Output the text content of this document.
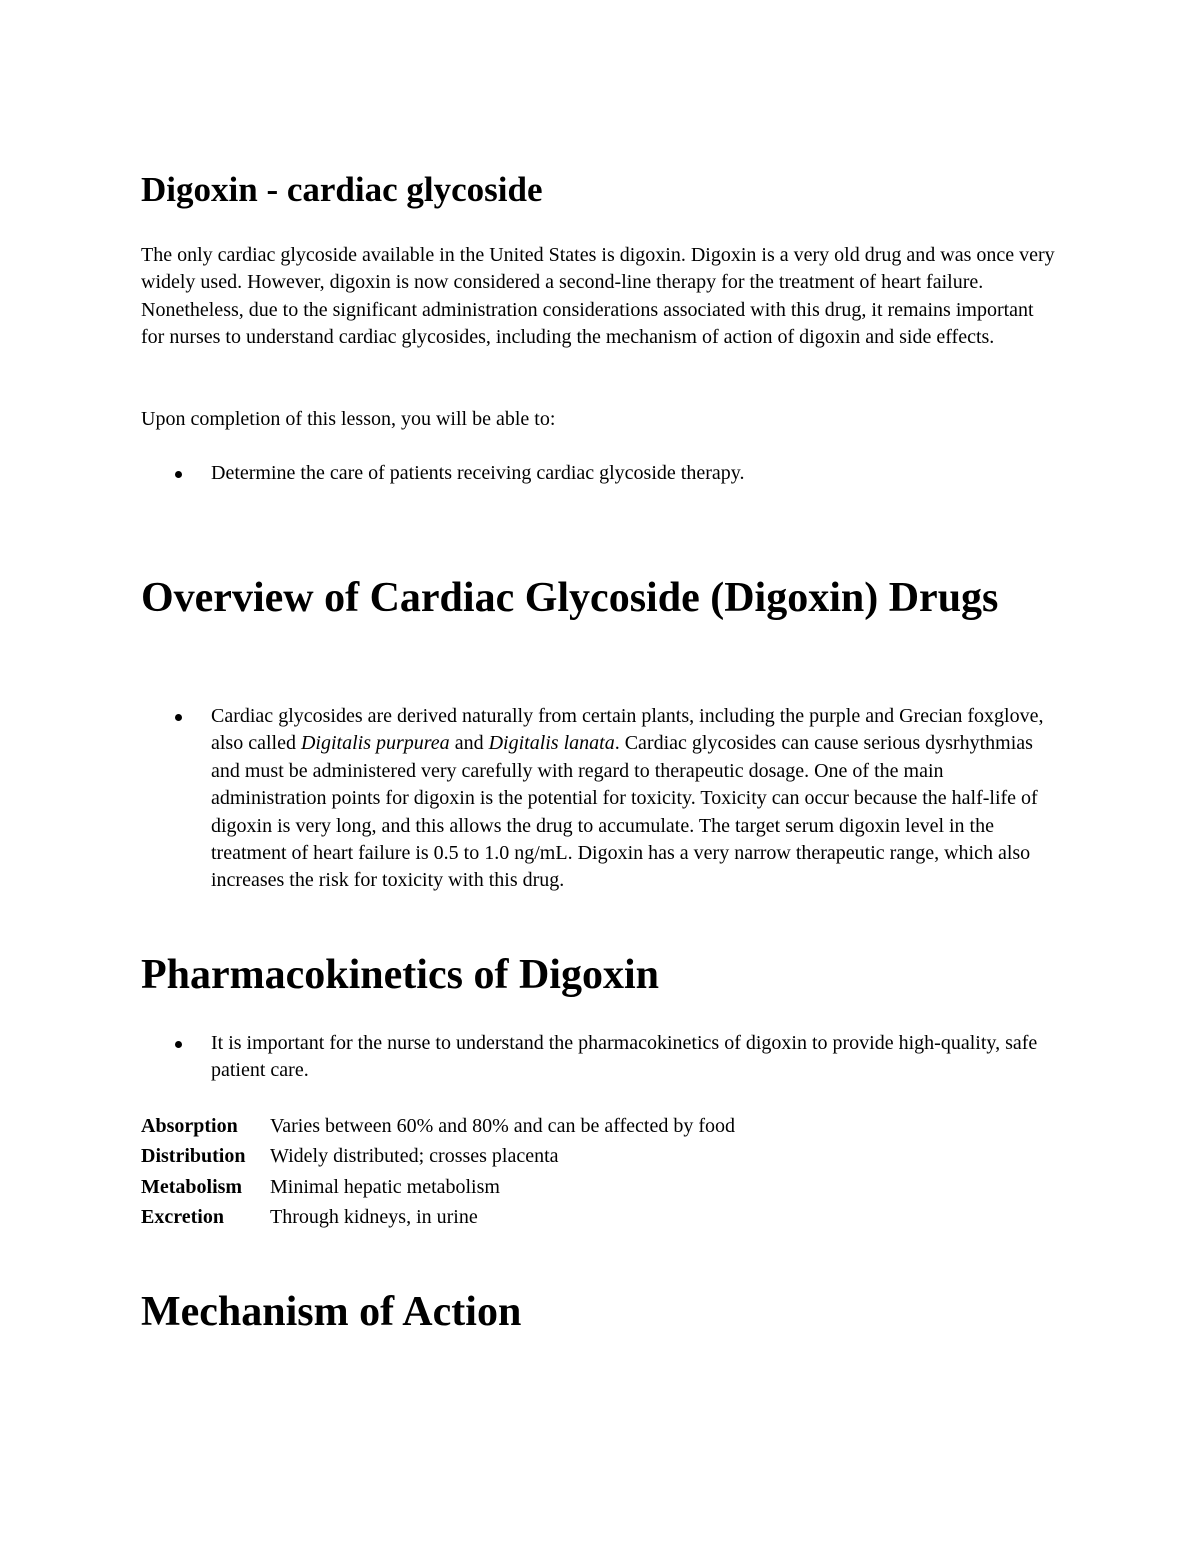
Digoxin - cardiac glycoside

The only cardiac glycoside available in the United States is digoxin. Digoxin is a very old drug and was once very widely used. However, digoxin is now considered a second-line therapy for the treatment of heart failure. Nonetheless, due to the significant administration considerations associated with this drug, it remains important for nurses to understand cardiac glycosides, including the mechanism of action of digoxin and side effects.

Upon completion of this lesson, you will be able to:

Determine the care of patients receiving cardiac glycoside therapy.
Overview of Cardiac Glycoside (Digoxin) Drugs
Cardiac glycosides are derived naturally from certain plants, including the purple and Grecian foxglove, also called Digitalis purpurea and Digitalis lanata. Cardiac glycosides can cause serious dysrhythmias and must be administered very carefully with regard to therapeutic dosage. One of the main administration points for digoxin is the potential for toxicity. Toxicity can occur because the half-life of digoxin is very long, and this allows the drug to accumulate. The target serum digoxin level in the treatment of heart failure is 0.5 to 1.0 ng/mL. Digoxin has a very narrow therapeutic range, which also increases the risk for toxicity with this drug.
Pharmacokinetics of Digoxin
It is important for the nurse to understand the pharmacokinetics of digoxin to provide high-quality, safe patient care.
Absorption	Varies between 60% and 80% and can be affected by food
Distribution	Widely distributed; crosses placenta
Metabolism	Minimal hepatic metabolism
Excretion	Through kidneys, in urine
Mechanism of Action
